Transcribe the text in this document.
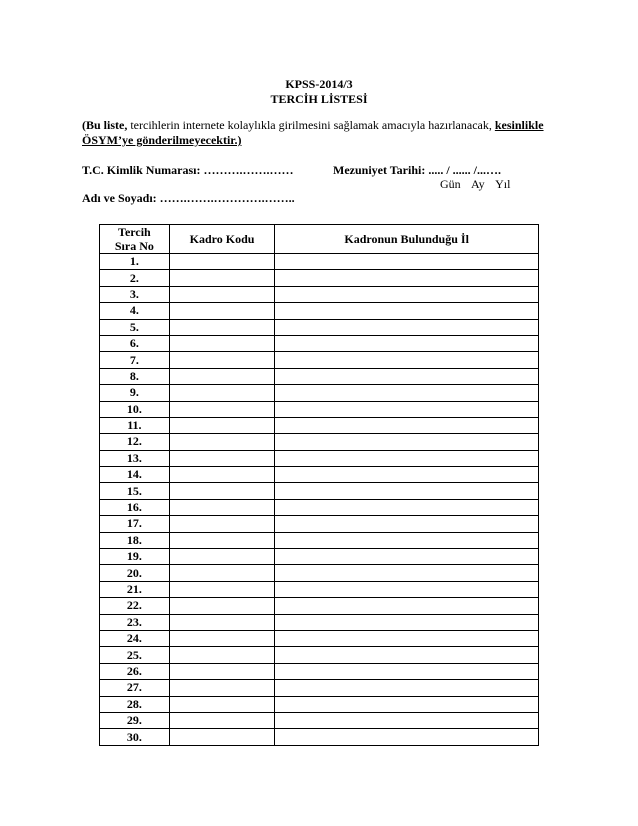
KPSS-2014/3
TERCİH LİSTESİ
(Bu liste, tercihlerin internete kolaylıkla girilmesini sağlamak amacıyla hazırlanacak, kesinlikle
ÖSYM’ye gönderilmeyecektir.)
T.C. Kimlik Numarası: ……….…….……	Mezuniyet Tarihi: ..... / ...... /...….
Gün Ay Yıl
Adı ve Soyadı: …….…….………….……..
Tercih
Sıra No	Kadro Kodu	Kadronun Bulunduğu İl
1.		
2.		
3.		
4.		
5.		
6.		
7.		
8.		
9.		
10.		
11.		
12.		
13.		
14.		
15.		
16.		
17.		
18.		
19.		
20.		
21.		
22.		
23.		
24.		
25.		
26.		
27.		
28.		
29.		
30.		
